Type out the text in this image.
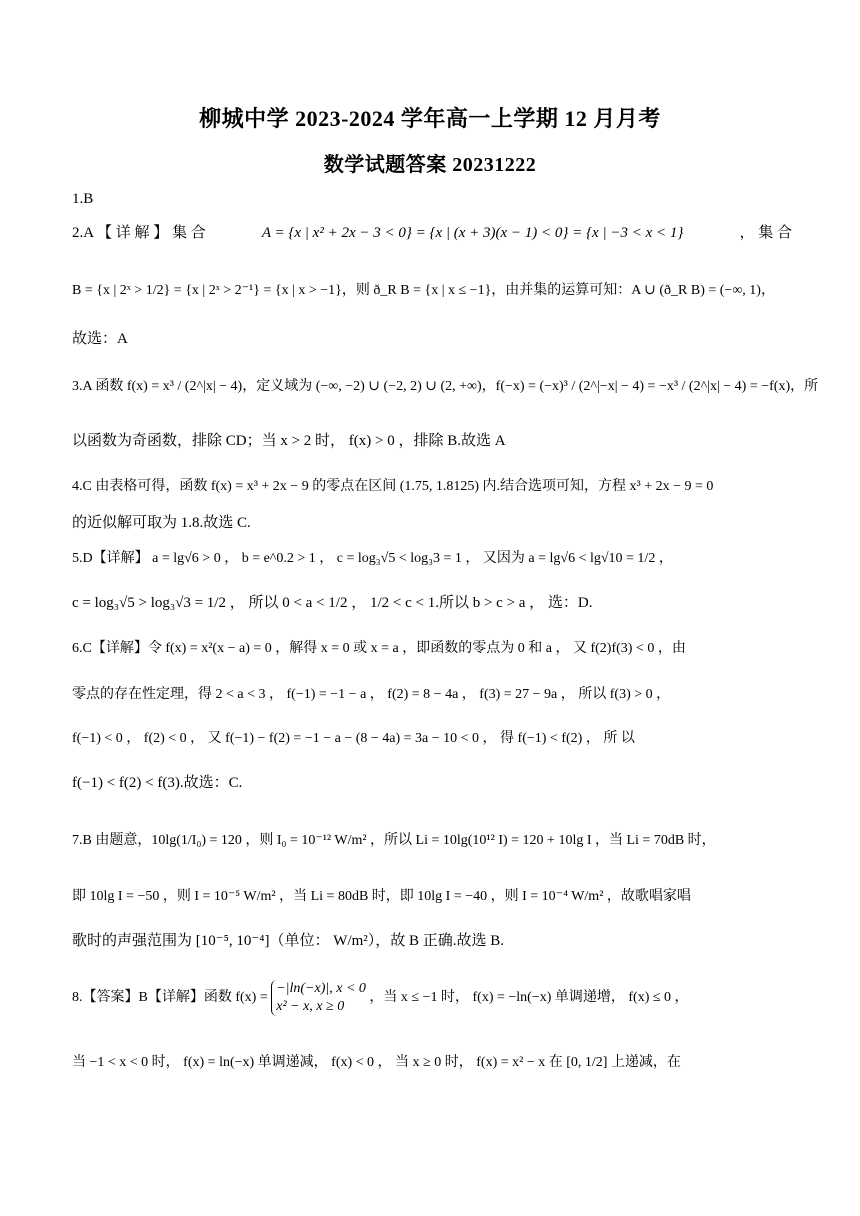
柳城中学 2023-2024 学年高一上学期 12 月月考
数学试题答案 20231222
1.B
2.A 【 详 解 】 集 合	A = {x | x² + 2x − 3 < 0} = {x | (x + 3)(x − 1) < 0} = {x | −3 < x < 1}	， 集 合
B = {x | 2ˣ > 1/2} = {x | 2ˣ > 2⁻¹} = {x | x > −1}，则 ð_R B = {x | x ≤ −1}，由并集的运算可知：A ∪ (ð_R B) = (−∞, 1)，
故选：A
3.A 函数 f(x) = x³ / (2^|x| − 4)，定义域为 (−∞, −2) ∪ (−2, 2) ∪ (2, +∞)，f(−x) = (−x)³ / (2^|−x| − 4) = −x³ / (2^|x| − 4) = −f(x)，所
以函数为奇函数，排除 CD；当 x > 2 时， f(x) > 0 ，排除 B.故选 A
4.C 由表格可得，函数 f(x) = x³ + 2x − 9 的零点在区间 (1.75, 1.8125) 内.结合选项可知，方程 x³ + 2x − 9 = 0
的近似解可取为 1.8.故选 C.
5.D【详解】 a = lg√6 > 0 ， b = e^0.2 > 1 ， c = log₃√5 < log₃3 = 1 ， 又因为 a = lg√6 < lg√10 = 1/2 ，
c = log₃√5 > log₃√3 = 1/2 ， 所以 0 < a < 1/2 ， 1/2 < c < 1.所以 b > c > a ， 选：D.
6.C【详解】令 f(x) = x²(x − a) = 0 ，解得 x = 0 或 x = a ，即函数的零点为 0 和 a ， 又 f(2)f(3) < 0 ，由
零点的存在性定理，得 2 < a < 3 ， f(−1) = −1 − a ， f(2) = 8 − 4a ， f(3) = 27 − 9a ， 所以 f(3) > 0 ，
f(−1) < 0 ， f(2) < 0 ， 又 f(−1) − f(2) = −1 − a − (8 − 4a) = 3a − 10 < 0 ， 得 f(−1) < f(2) ， 所 以
f(−1) < f(2) < f(3).故选：C.
7.B 由题意，10lg(1/I₀) = 120 ，则 I₀ = 10⁻¹² W/m² ，所以 Li = 10lg(10¹² I) = 120 + 10lg I ，当 Li = 70dB 时，
即 10lg I = −50 ，则 I = 10⁻⁵ W/m² ，当 Li = 80dB 时，即 10lg I = −40 ，则 I = 10⁻⁴ W/m² ，故歌唱家唱
歌时的声强范围为 [10⁻⁵, 10⁻⁴]（单位： W/m²），故 B 正确.故选 B.
8.【答案】B【详解】函数 f(x) =
−|ln(−x)|, x < 0
x² − x, x ≥ 0
，当 x ≤ −1 时， f(x) = −ln(−x) 单调递增， f(x) ≤ 0 ，
当 −1 < x < 0 时， f(x) = ln(−x) 单调递减， f(x) < 0 ， 当 x ≥ 0 时， f(x) = x² − x 在 [0, 1/2] 上递减，在
